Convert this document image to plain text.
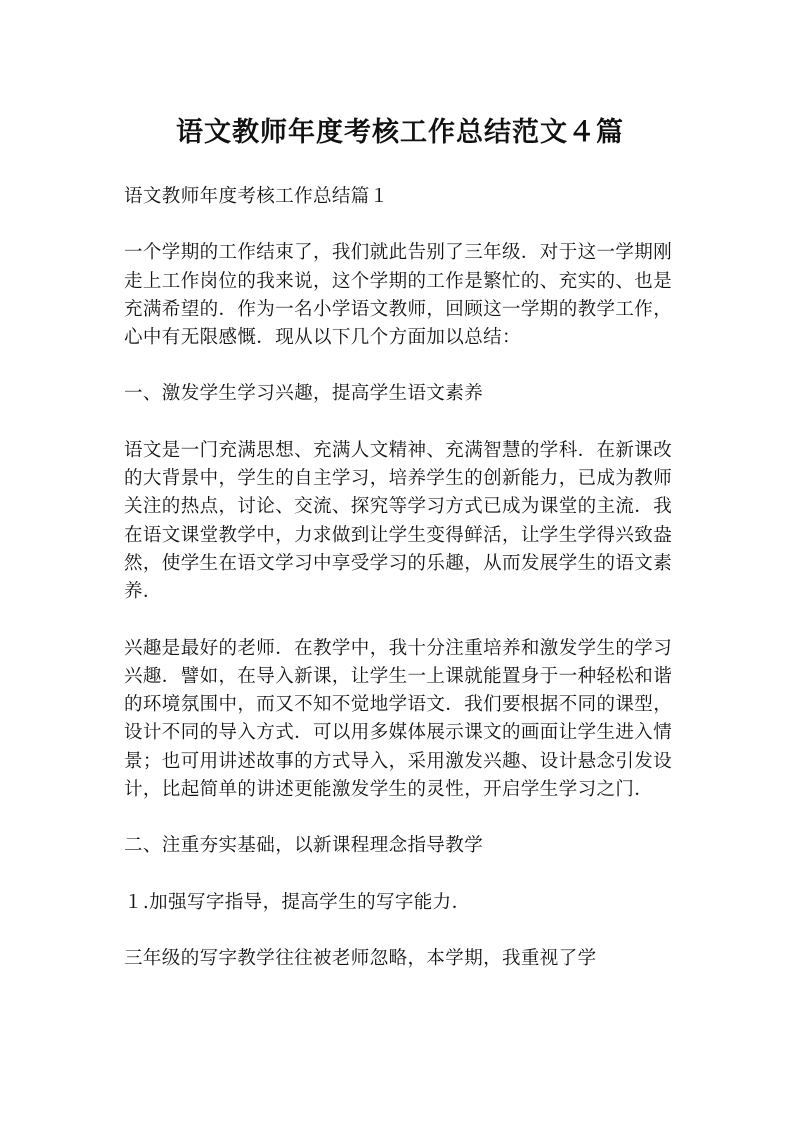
语文教师年度考核工作总结范文４篇

语文教师年度考核工作总结篇１

一个学期的工作结束了，我们就此告别了三年级．对于这一学期刚走上工作岗位的我来说，这个学期的工作是繁忙的、充实的、也是充满希望的．作为一名小学语文教师，回顾这一学期的教学工作，心中有无限感慨．现从以下几个方面加以总结：

一、激发学生学习兴趣，提高学生语文素养

语文是一门充满思想、充满人文精神、充满智慧的学科．在新课改的大背景中，学生的自主学习，培养学生的创新能力，已成为教师关注的热点，讨论、交流、探究等学习方式已成为课堂的主流．我在语文课堂教学中，力求做到让学生变得鲜活，让学生学得兴致盎然，使学生在语文学习中享受学习的乐趣，从而发展学生的语文素养．

兴趣是最好的老师．在教学中，我十分注重培养和激发学生的学习兴趣．譬如，在导入新课，让学生一上课就能置身于一种轻松和谐的环境氛围中，而又不知不觉地学语文．我们要根据不同的课型，设计不同的导入方式．可以用多媒体展示课文的画面让学生进入情景；也可用讲述故事的方式导入，采用激发兴趣、设计悬念引发设计，比起简单的讲述更能激发学生的灵性，开启学生学习之门．

二、注重夯实基础，以新课程理念指导教学

１.加强写字指导，提高学生的写字能力．

三年级的写字教学往往被老师忽略，本学期，我重视了学
